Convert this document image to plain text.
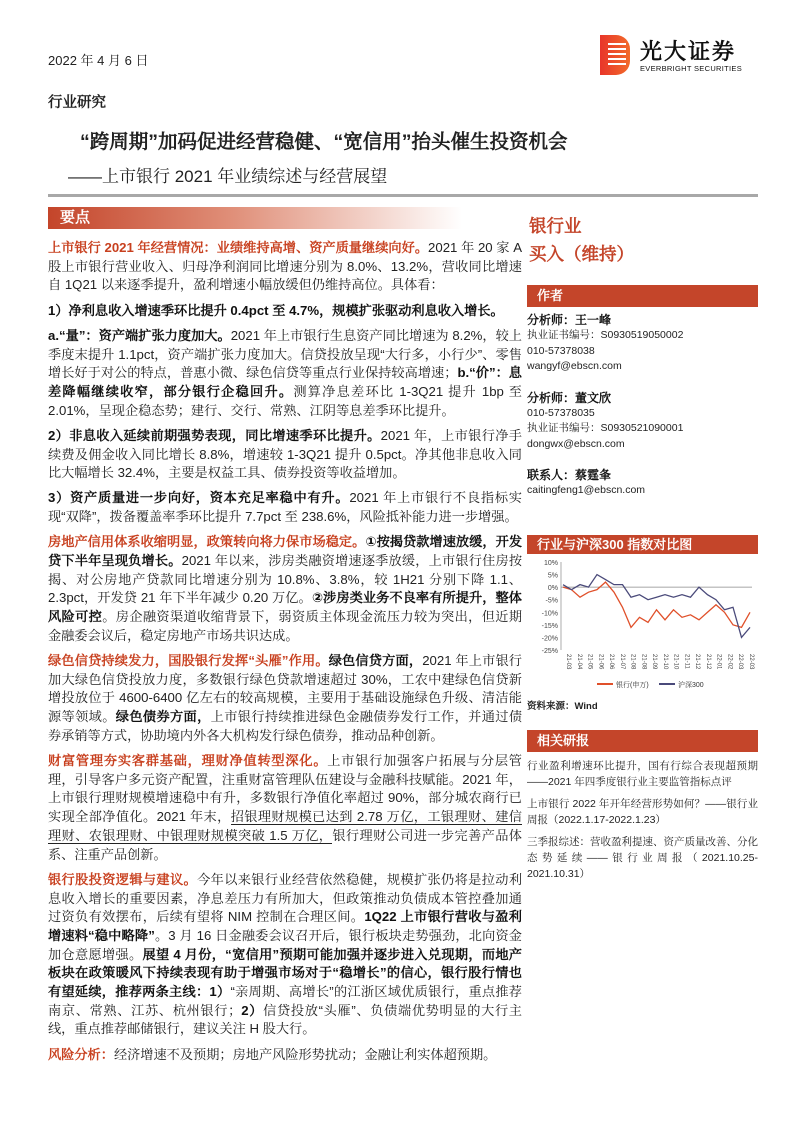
2022 年 4 月 6 日	光大证券
EVERBRIGHT SECURITIES
行业研究
“跨周期”加码促进经营稳健、“宽信用”抬头催生投资机会
——上市银行 2021 年业绩综述与经营展望
要点

上市银行 2021 年经营情况：业绩维持高增、资产质量继续向好。2021 年 20 家 A 股上市银行营业收入、归母净利润同比增速分别为 8.0%、13.2%，营收同比增速自 1Q21 以来逐季提升，盈利增速小幅放缓但仍维持高位。具体看：

1）净利息收入增速季环比提升 0.4pct 至 4.7%，规模扩张驱动利息收入增长。

a.“量”：资产端扩张力度加大。2021 年上市银行生息资产同比增速为 8.2%，较上季度末提升 1.1pct，资产端扩张力度加大。信贷投放呈现“大行多，小行少”、零售增长好于对公的特点，普惠小微、绿色信贷等重点行业保持较高增速；b.“价”：息差降幅继续收窄，部分银行企稳回升。测算净息差环比 1-3Q21 提升 1bp 至 2.01%，呈现企稳态势；建行、交行、常熟、江阴等息差季环比提升。

2）非息收入延续前期强势表现，同比增速季环比提升。2021 年，上市银行净手续费及佣金收入同比增长 8.8%，增速较 1-3Q21 提升 0.5pct。净其他非息收入同比大幅增长 32.4%，主要是权益工具、债券投资等收益增加。

3）资产质量进一步向好，资本充足率稳中有升。2021 年上市银行不良指标实现“双降”，拨备覆盖率季环比提升 7.7pct 至 238.6%，风险抵补能力进一步增强。

房地产信用体系收缩明显，政策转向将力保市场稳定。①按揭贷款增速放缓，开发贷下半年呈现负增长。2021 年以来，涉房类融资增速逐季放缓，上市银行住房按揭、对公房地产贷款同比增速分别为 10.8%、3.8%，较 1H21 分别下降 1.1、2.3pct，开发贷 21 年下半年减少 0.20 万亿。②涉房类业务不良率有所提升，整体风险可控。房企融资渠道收缩背景下，弱资质主体现金流压力较为突出，但近期金融委会议后，稳定房地产市场共识达成。

绿色信贷持续发力，国股银行发挥“头雁”作用。绿色信贷方面，2021 年上市银行加大绿色信贷投放力度，多数银行绿色贷款增速超过 30%，工农中建绿色信贷新增投放位于 4600-6400 亿左右的较高规模，主要用于基础设施绿色升级、清洁能源等领域。绿色债券方面，上市银行持续推进绿色金融债券发行工作，并通过债券承销等方式，协助境内外各大机构发行绿色债券，推动品种创新。

财富管理夯实客群基础，理财净值转型深化。上市银行加强客户拓展与分层管理，引导客户多元资产配置，注重财富管理队伍建设与金融科技赋能。2021 年，上市银行理财规模增速稳中有升，多数银行净值化率超过 90%，部分城农商行已实现全部净值化。2021 年末，招银理财规模已达到 2.78 万亿，工银理财、建信理财、农银理财、中银理财规模突破 1.5 万亿，银行理财公司进一步完善产品体系、注重产品创新。

银行股投资逻辑与建议。今年以来银行业经营依然稳健，规模扩张仍将是拉动利息收入增长的重要因素，净息差压力有所加大，但政策推动负债成本管控叠加通过资负有效摆布，后续有望将 NIM 控制在合理区间。1Q22 上市银行营收与盈利增速料“稳中略降”。3 月 16 日金融委会议召开后，银行板块走势强劲，北向资金加仓意愿增强。展望 4 月份，“宽信用”预期可能加强并逐步进入兑现期，而地产板块在政策暖风下持续表现有助于增强市场对于“稳增长”的信心，银行股行情也有望延续，推荐两条主线：1）“亲周期、高增长”的江浙区域优质银行，重点推荐南京、常熟、江苏、杭州银行；2）信贷投放“头雁”、负债端优势明显的大行主线，重点推荐邮储银行，建议关注 H 股大行。

风险分析：经济增速不及预期；房地产风险形势扰动；金融让利实体超预期。

银行业
买入（维持）
作者
分析师：王一峰
执业证书编号：S0930519050002
010-57378038
wangyf@ebscn.com
分析师：董文欣
010-57378035
执业证书编号：S0930521090001
dongwx@ebscn.com
联系人：蔡霆夆
caitingfeng1@ebscn.com
行业与沪深300 指数对比图
10%
5%
0%
-5%
-10%
-15%
-20%
-25%
21-03 21-04 21-05 21-06 21-06 21-07 21-08 21-08 21-09 21-10 21-10 21-11 21-12 21-12 22-01 22-02 22-03 22-03
银行(申万)	沪深300
资料来源：Wind
相关研报
行业盈利增速环比提升，国有行综合表现超预期——2021 年四季度银行业主要监管指标点评
上市银行 2022 年开年经营形势如何？——银行业周报（2022.1.17-2022.1.23）
三季报综述：营收盈利提速、资产质量改善、分化态势延续——银行业周报（2021.10.25-2021.10.31）
